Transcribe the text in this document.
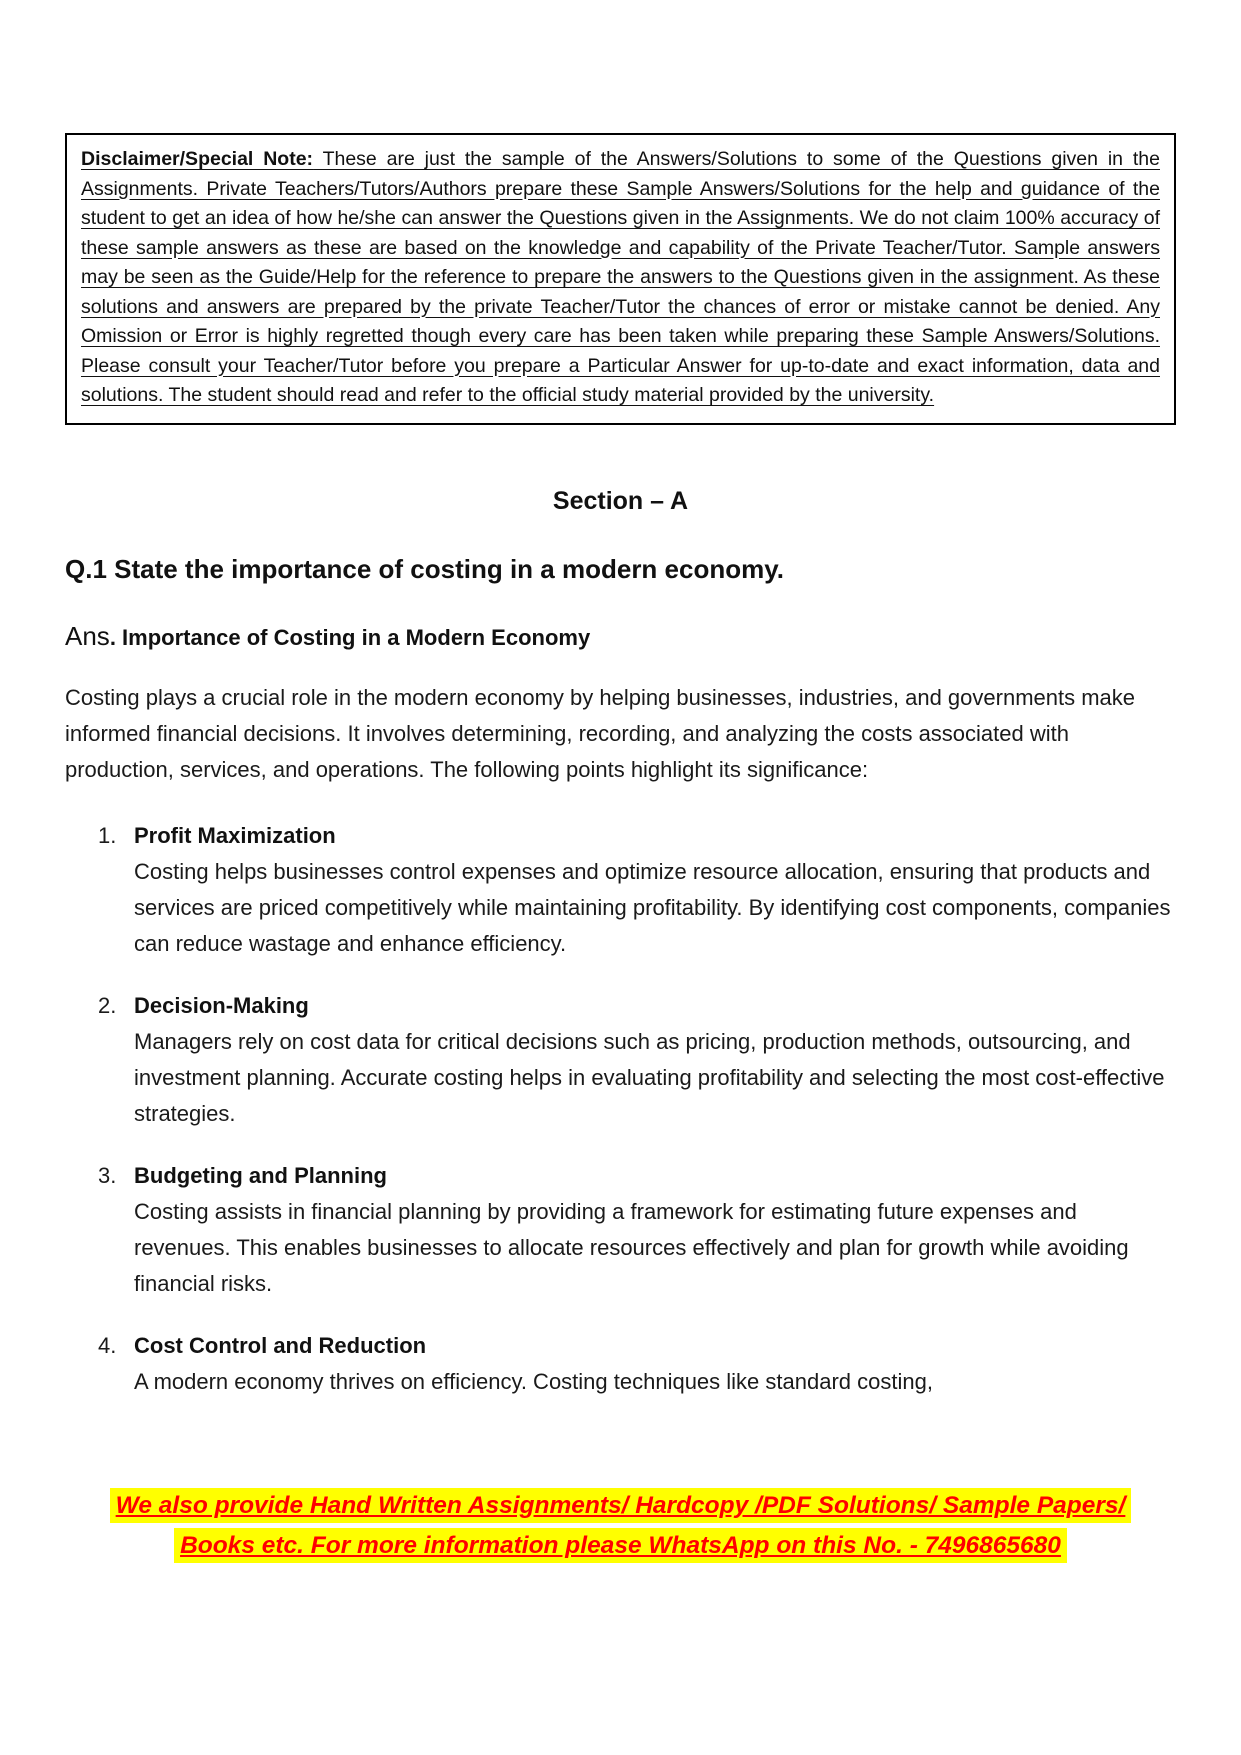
Disclaimer/Special Note: These are just the sample of the Answers/Solutions to some of the Questions given in the Assignments. Private Teachers/Tutors/Authors prepare these Sample Answers/Solutions for the help and guidance of the student to get an idea of how he/she can answer the Questions given in the Assignments. We do not claim 100% accuracy of these sample answers as these are based on the knowledge and capability of the Private Teacher/Tutor. Sample answers may be seen as the Guide/Help for the reference to prepare the answers to the Questions given in the assignment. As these solutions and answers are prepared by the private Teacher/Tutor the chances of error or mistake cannot be denied. Any Omission or Error is highly regretted though every care has been taken while preparing these Sample Answers/Solutions. Please consult your Teacher/Tutor before you prepare a Particular Answer for up-to-date and exact information, data and solutions. The student should read and refer to the official study material provided by the university.
Section – A
Q.1 State the importance of costing in a modern economy.
Ans. Importance of Costing in a Modern Economy
Costing plays a crucial role in the modern economy by helping businesses, industries, and governments make informed financial decisions. It involves determining, recording, and analyzing the costs associated with production, services, and operations. The following points highlight its significance:
1. Profit Maximization
Costing helps businesses control expenses and optimize resource allocation, ensuring that products and services are priced competitively while maintaining profitability. By identifying cost components, companies can reduce wastage and enhance efficiency.
2. Decision-Making
Managers rely on cost data for critical decisions such as pricing, production methods, outsourcing, and investment planning. Accurate costing helps in evaluating profitability and selecting the most cost-effective strategies.
3. Budgeting and Planning
Costing assists in financial planning by providing a framework for estimating future expenses and revenues. This enables businesses to allocate resources effectively and plan for growth while avoiding financial risks.
4. Cost Control and Reduction
A modern economy thrives on efficiency. Costing techniques like standard costing,
We also provide Hand Written Assignments/ Hardcopy /PDF Solutions/ Sample Papers/
Books etc. For more information please WhatsApp on this No. - 7496865680
